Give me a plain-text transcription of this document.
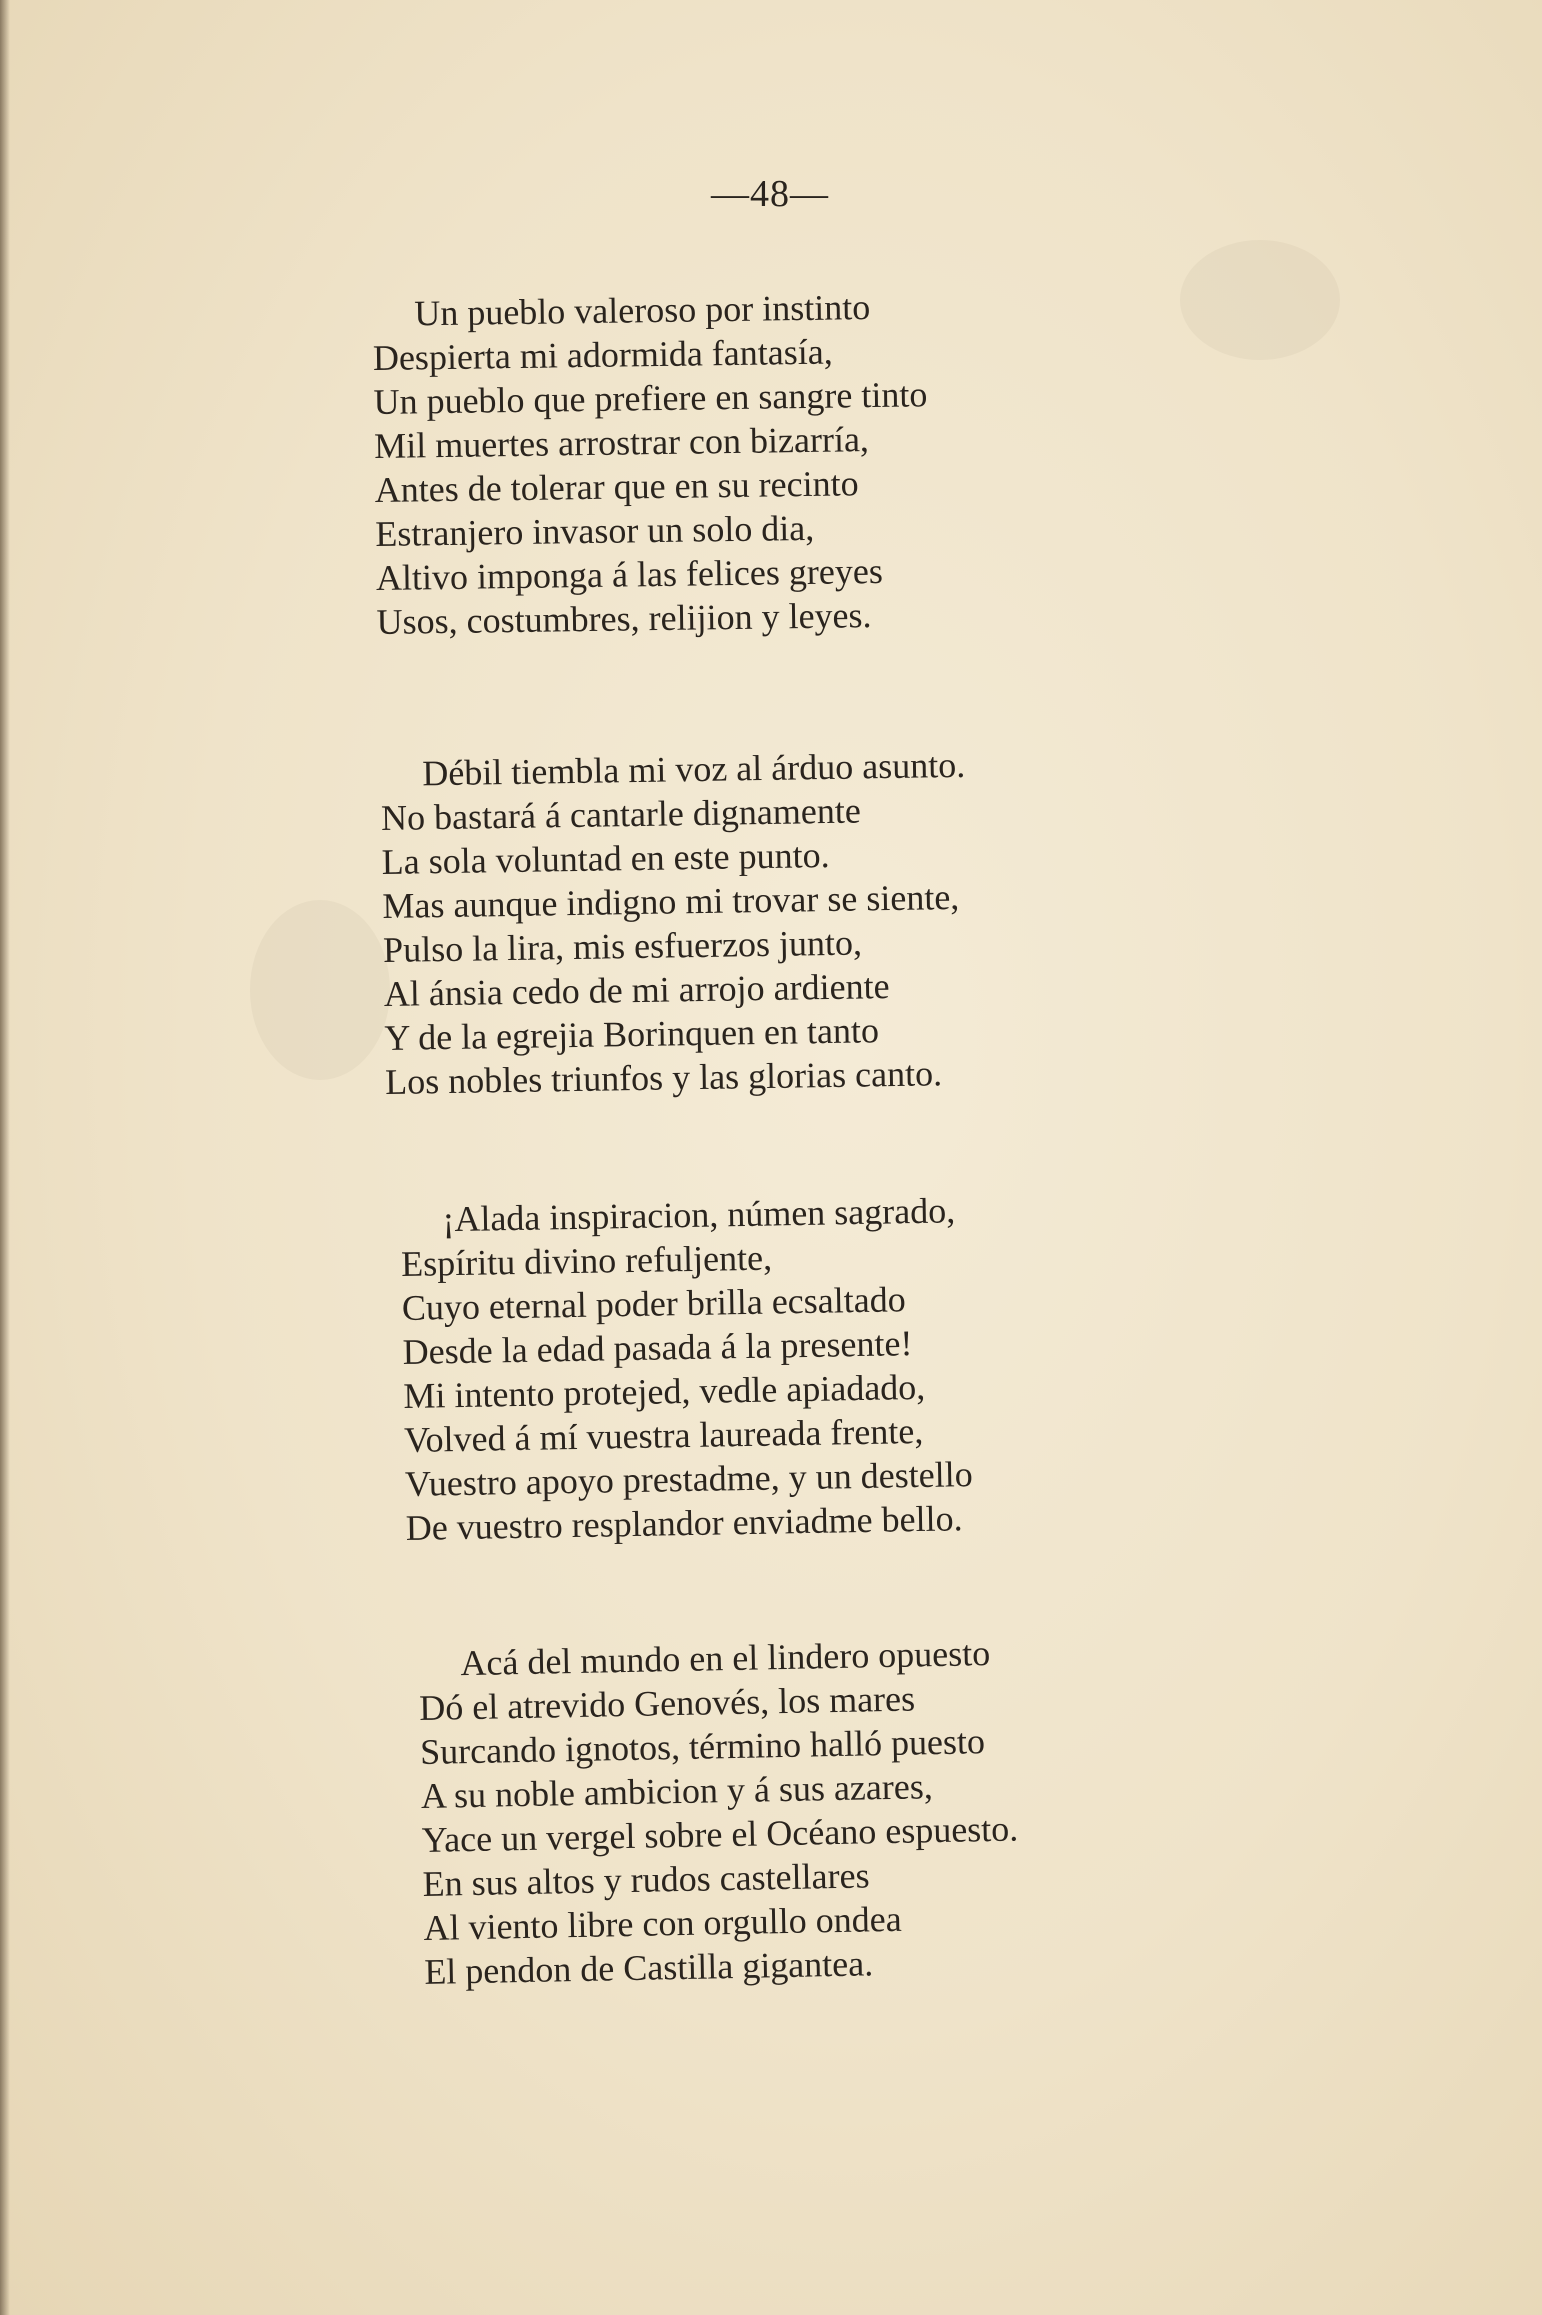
—48—
Un pueblo valeroso por instinto
Despierta mi adormida fantasía,
Un pueblo que prefiere en sangre tinto
Mil muertes arrostrar con bizarría,
Antes de tolerar que en su recinto
Estranjero invasor un solo dia,
Altivo imponga á las felices greyes
Usos, costumbres, relijion y leyes.
Débil tiembla mi voz al árduo asunto.
No bastará á cantarle dignamente
La sola voluntad en este punto.
Mas aunque indigno mi trovar se siente,
Pulso la lira, mis esfuerzos junto,
Al ánsia cedo de mi arrojo ardiente
Y de la egrejia Borinquen en tanto
Los nobles triunfos y las glorias canto.
¡Alada inspiracion, númen sagrado,
Espíritu divino refuljente,
Cuyo eternal poder brilla ecsaltado
Desde la edad pasada á la presente!
Mi intento protejed, vedle apiadado,
Volved á mí vuestra laureada frente,
Vuestro apoyo prestadme, y un destello
De vuestro resplandor enviadme bello.
Acá del mundo en el lindero opuesto
Dó el atrevido Genovés, los mares
Surcando ignotos, término halló puesto
A su noble ambicion y á sus azares,
Yace un vergel sobre el Océano espuesto.
En sus altos y rudos castellares
Al viento libre con orgullo ondea
El pendon de Castilla gigantea.
